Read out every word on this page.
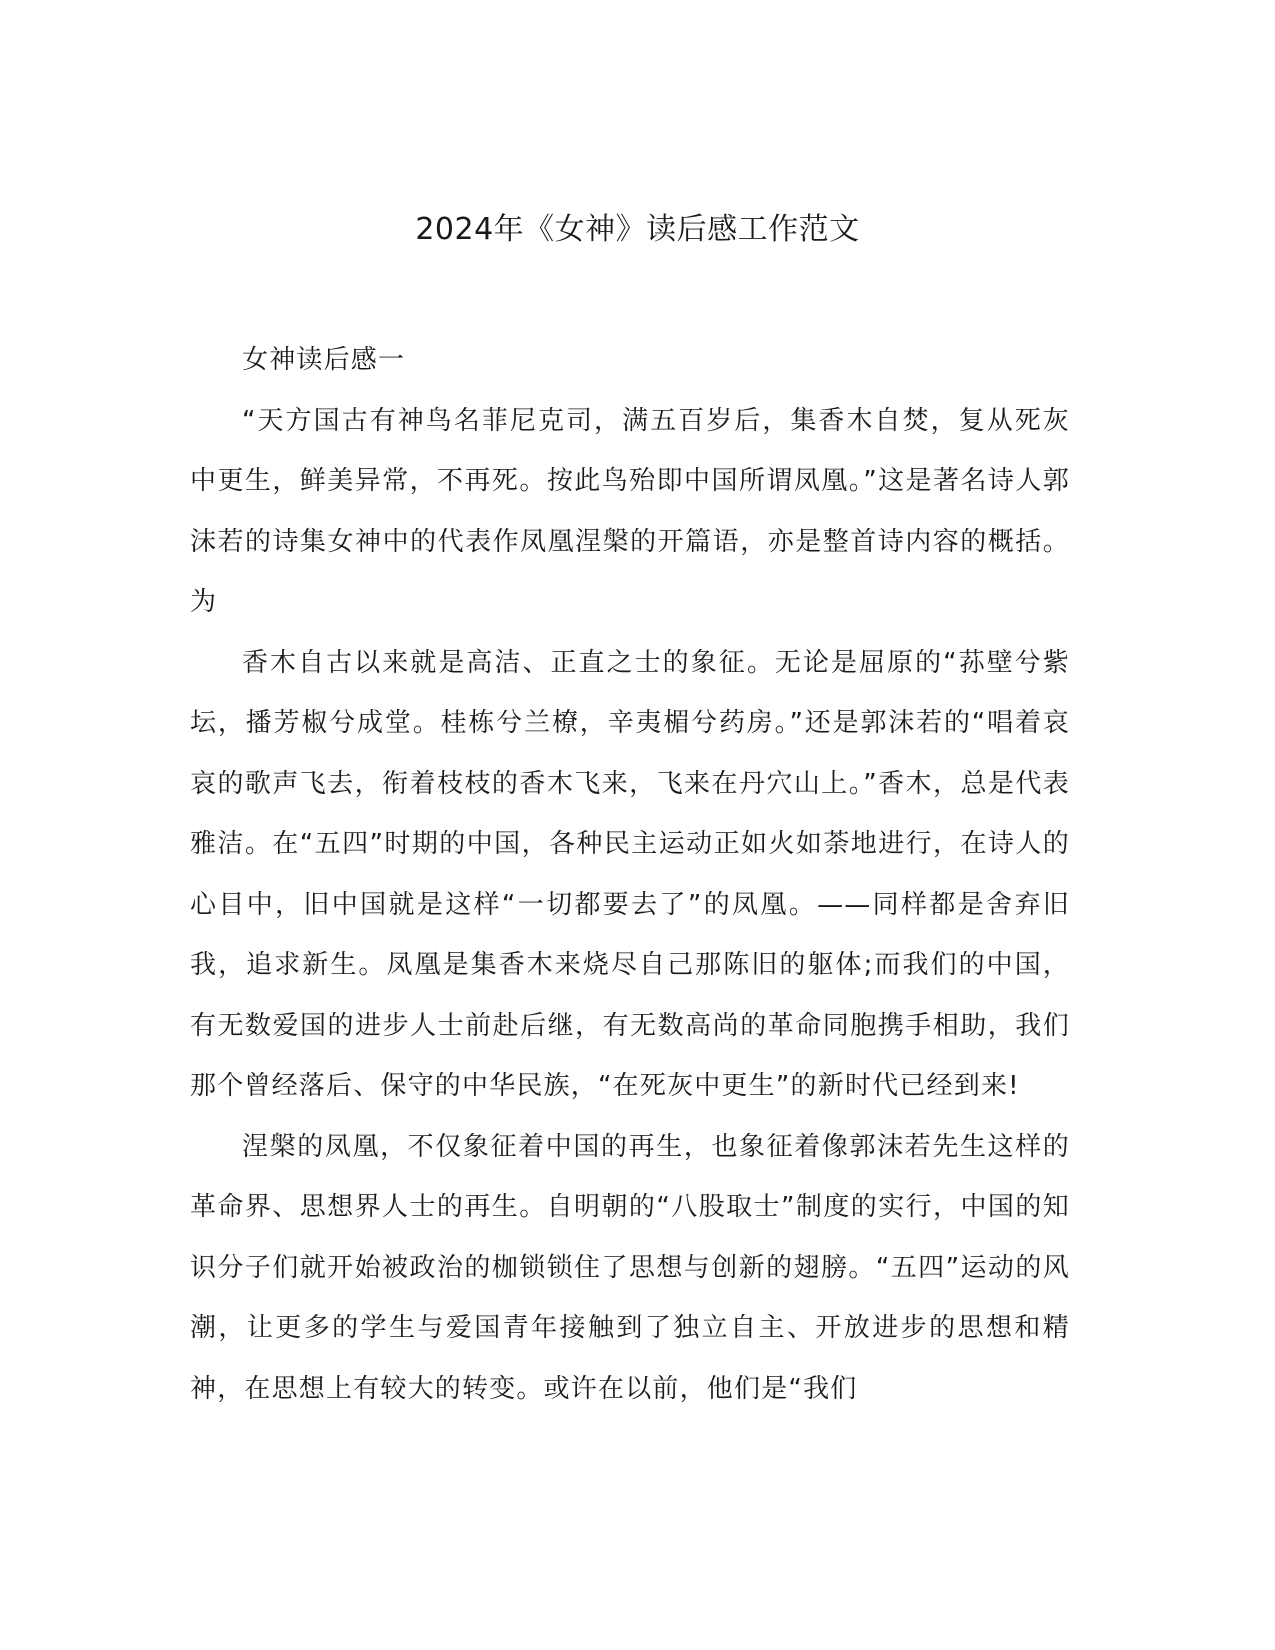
2024年《女神》读后感工作范文

女神读后感一

“天方国古有神鸟名菲尼克司，满五百岁后，集香木自焚，复从死灰中更生，鲜美异常，不再死。按此鸟殆即中国所谓凤凰。”这是著名诗人郭沫若的诗集女神中的代表作凤凰涅槃的开篇语，亦是整首诗内容的概括。为

香木自古以来就是高洁、正直之士的象征。无论是屈原的“荪壁兮紫坛，播芳椒兮成堂。桂栋兮兰橑，辛夷楣兮药房。”还是郭沫若的“唱着哀哀的歌声飞去，衔着枝枝的香木飞来，飞来在丹穴山上。”香木，总是代表雅洁。在“五四”时期的中国，各种民主运动正如火如荼地进行，在诗人的心目中，旧中国就是这样“一切都要去了”的凤凰。——同样都是舍弃旧我，追求新生。凤凰是集香木来烧尽自己那陈旧的躯体;而我们的中国，有无数爱国的进步人士前赴后继，有无数高尚的革命同胞携手相助，我们那个曾经落后、保守的中华民族，“在死灰中更生”的新时代已经到来!

涅槃的凤凰，不仅象征着中国的再生，也象征着像郭沫若先生这样的革命界、思想界人士的再生。自明朝的“八股取士”制度的实行，中国的知识分子们就开始被政治的枷锁锁住了思想与创新的翅膀。“五四”运动的风潮，让更多的学生与爱国青年接触到了独立自主、开放进步的思想和精神，在思想上有较大的转变。或许在以前，他们是“我们
